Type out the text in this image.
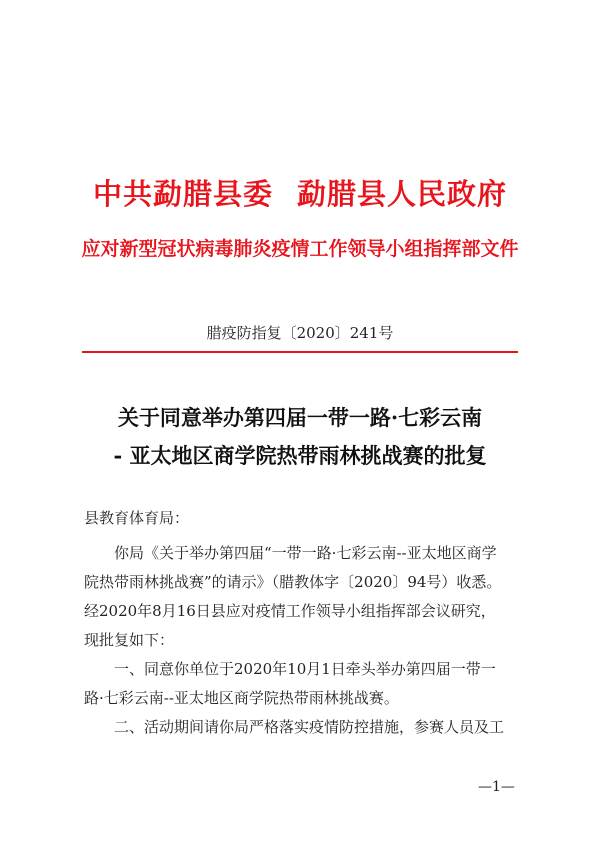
中共勐腊县委 勐腊县人民政府
应对新型冠状病毒肺炎疫情工作领导小组指挥部文件
腊疫防指复〔2020〕241号
关于同意举办第四届一带一路·七彩云南
- 亚太地区商学院热带雨林挑战赛的批复
县教育体育局：
你局《关于举办第四届“一带一路·七彩云南--亚太地区商学
院热带雨林挑战赛”的请示》（腊教体字〔2020〕94号）收悉。
经2020年8月16日县应对疫情工作领导小组指挥部会议研究，
现批复如下：
一、同意你单位于2020年10月1日牵头举办第四届一带一
路·七彩云南--亚太地区商学院热带雨林挑战赛。
二、活动期间请你局严格落实疫情防控措施，参赛人员及工
—1—
